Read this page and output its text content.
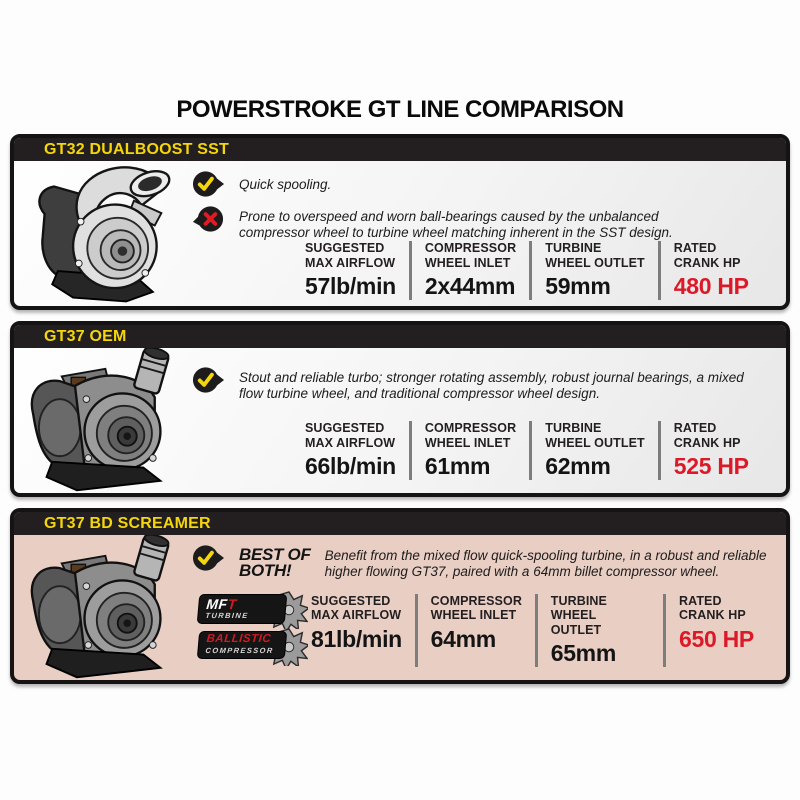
POWERSTROKE GT LINE COMPARISON
GT32 DUALBOOST SST
Quick spooling.
Prone to overspeed and worn ball-bearings caused by the unbalanced compressor wheel to turbine wheel matching inherent in the SST design.
SUGGESTED
MAX AIRFLOW
57lb/min
COMPRESSOR
WHEEL INLET
2x44mm
TURBINE
WHEEL OUTLET
59mm
RATED
CRANK HP
480 HP
GT37 OEM
Stout and reliable turbo; stronger rotating assembly, robust journal bearings, a mixed flow turbine wheel, and traditional compressor wheel design.
SUGGESTED
MAX AIRFLOW
66lb/min
COMPRESSOR
WHEEL INLET
61mm
TURBINE
WHEEL OUTLET
62mm
RATED
CRANK HP
525 HP
GT37 BD SCREAMER
BEST OF
BOTH!
Benefit from the mixed flow quick-spooling turbine, in a robust and reliable higher flowing GT37, paired with a 64mm billet compressor wheel.
MFT
TURBINE
BALLISTIC
COMPRESSOR
SUGGESTED
MAX AIRFLOW
81lb/min
COMPRESSOR
WHEEL INLET
64mm
TURBINE
WHEEL OUTLET
65mm
RATED
CRANK HP
650 HP
